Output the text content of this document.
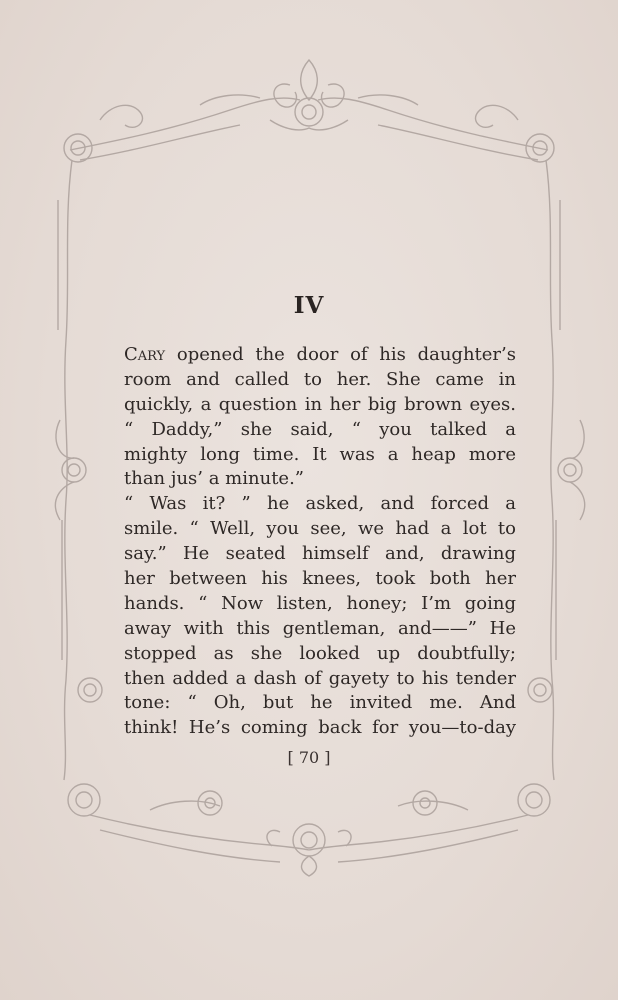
IV
Cary opened the door of his daughter’s
room and called to her. She came in
quickly, a question in her big brown eyes.
“ Daddy,” she said, “ you talked a
mighty long time. It was a heap more
than jus’ a minute.”
“ Was it? ” he asked, and forced a
smile. “ Well, you see, we had a lot to
say.” He seated himself and, drawing
her between his knees, took both her
hands. “ Now listen, honey; I’m going
away with this gentleman, and——” He
stopped as she looked up doubtfully;
then added a dash of gayety to his tender
tone: “ Oh, but he invited me. And
think! He’s coming back for you—to-day
[ 70 ]
